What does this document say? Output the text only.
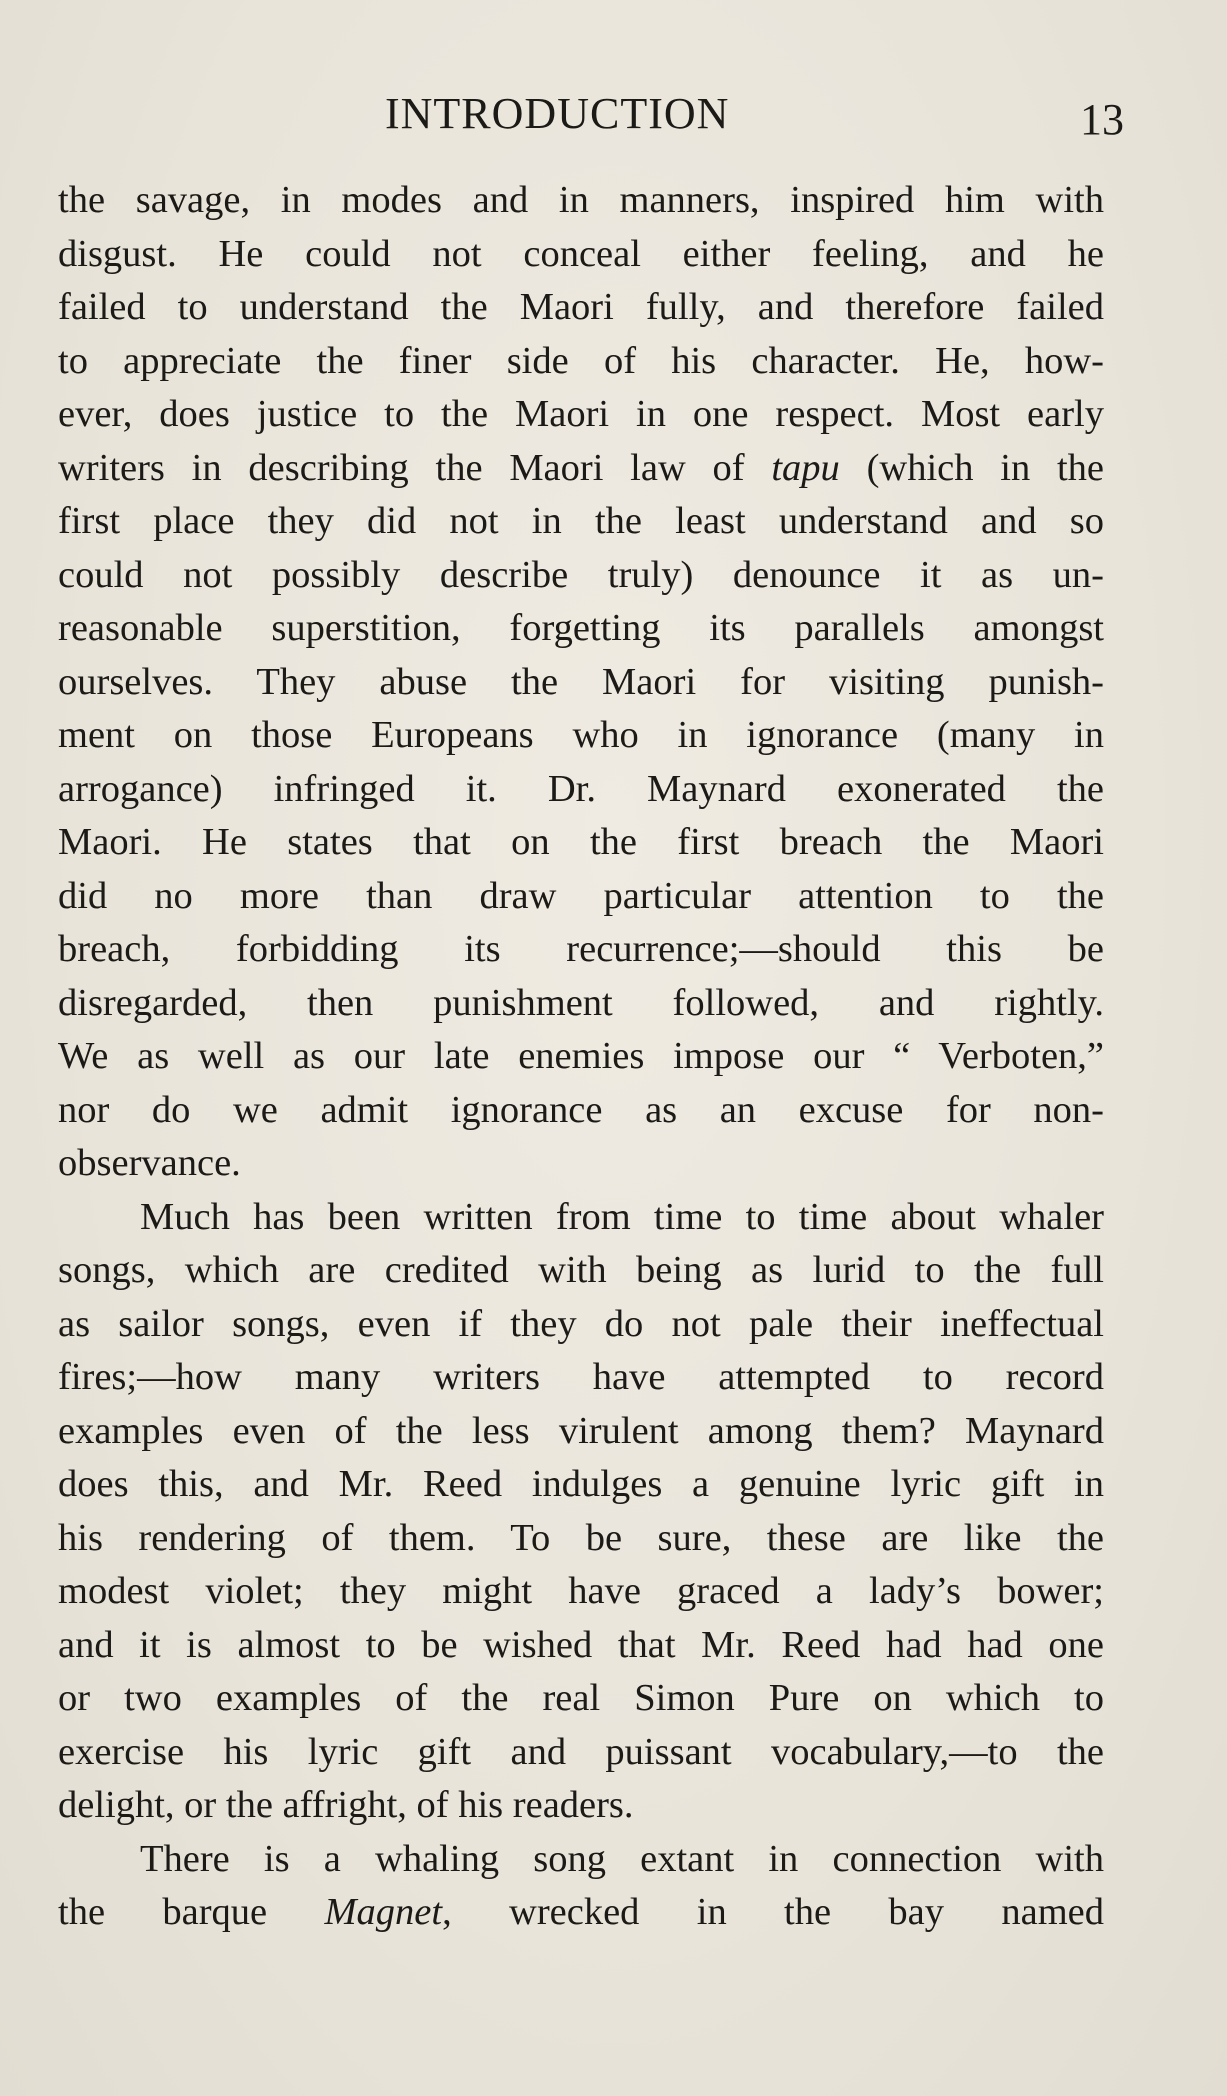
INTRODUCTION	13
the savage, in modes and in manners, inspired him with
disgust. He could not conceal either feeling, and he
failed to understand the Maori fully, and therefore failed
to appreciate the finer side of his character. He, how-
ever, does justice to the Maori in one respect. Most early
writers in describing the Maori law of tapu (which in the
first place they did not in the least understand and so
could not possibly describe truly) denounce it as un-
reasonable superstition, forgetting its parallels amongst
ourselves. They abuse the Maori for visiting punish-
ment on those Europeans who in ignorance (many in
arrogance) infringed it. Dr. Maynard exonerated the
Maori. He states that on the first breach the Maori
did no more than draw particular attention to the
breach, forbidding its recurrence;—should this be
disregarded, then punishment followed, and rightly.
We as well as our late enemies impose our “ Verboten,”
nor do we admit ignorance as an excuse for non-
observance.
Much has been written from time to time about whaler
songs, which are credited with being as lurid to the full
as sailor songs, even if they do not pale their ineffectual
fires;—how many writers have attempted to record
examples even of the less virulent among them? Maynard
does this, and Mr. Reed indulges a genuine lyric gift in
his rendering of them. To be sure, these are like the
modest violet; they might have graced a lady’s bower;
and it is almost to be wished that Mr. Reed had had one
or two examples of the real Simon Pure on which to
exercise his lyric gift and puissant vocabulary,—to the
delight, or the affright, of his readers.
There is a whaling song extant in connection with
the barque Magnet, wrecked in the bay named
